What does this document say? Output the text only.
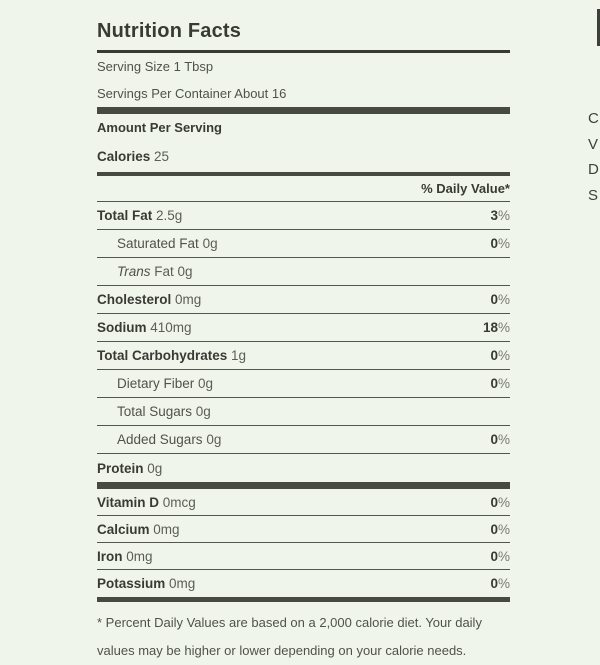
Nutrition Facts
Serving Size 1 Tbsp
Servings Per Container About 16
Amount Per Serving
Calories 25
% Daily Value*
Total Fat 2.5g	3%
Saturated Fat 0g	0%
Trans Fat 0g
Cholesterol 0mg	0%
Sodium 410mg	18%
Total Carbohydrates 1g	0%
Dietary Fiber 0g	0%
Total Sugars 0g
Added Sugars 0g	0%
Protein 0g
Vitamin D 0mcg	0%
Calcium 0mg	0%
Iron 0mg	0%
Potassium 0mg	0%
* Percent Daily Values are based on a 2,000 calorie diet. Your daily values may be higher or lower depending on your calorie needs.
C
V
D
S
